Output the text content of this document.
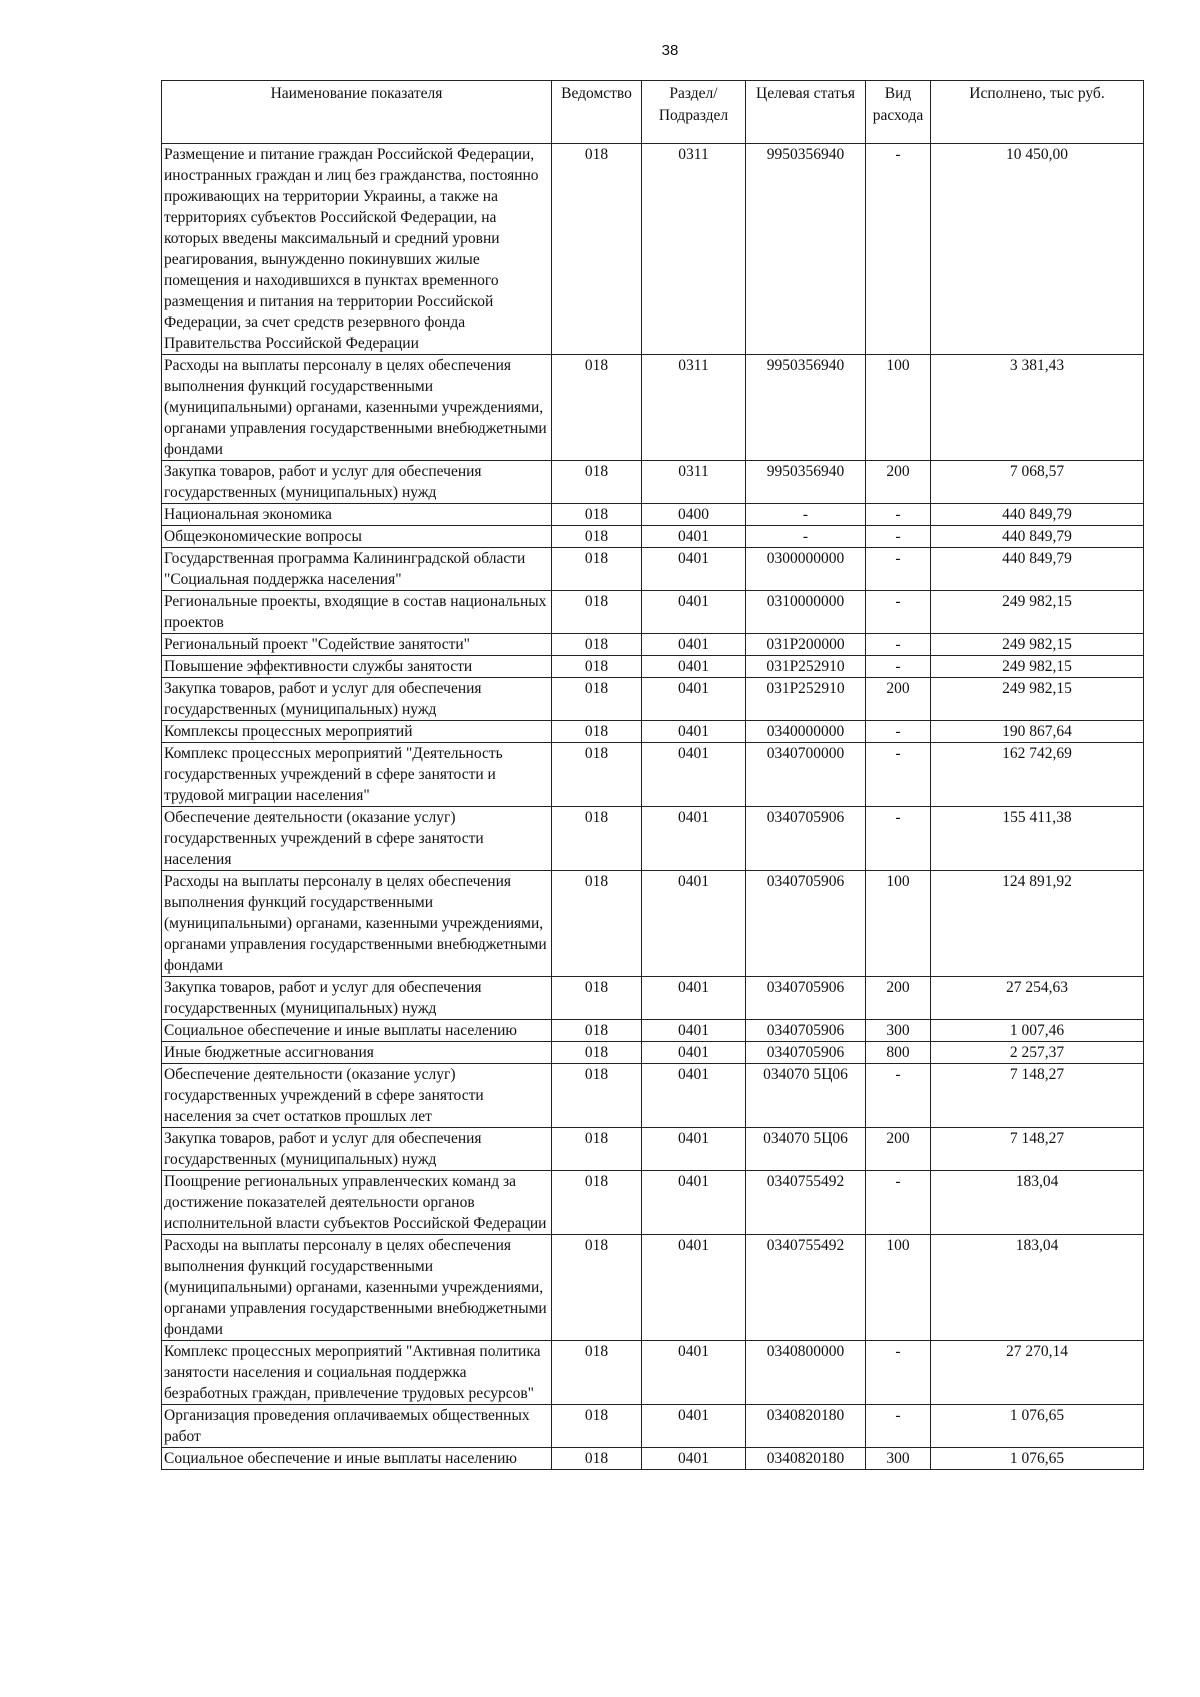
38
Наименование показателя	Ведомство	Раздел/ Подраздел	Целевая статья	Вид расхода	Исполнено, тыс руб.
Размещение и питание граждан Российской Федерации, иностранных граждан и лиц без гражданства, постоянно проживающих на территории Украины, а также на территориях субъектов Российской Федерации, на которых введены максимальный и средний уровни реагирования, вынужденно покинувших жилые помещения и находившихся в пунктах временного размещения и питания на территории Российской Федерации, за счет средств резервного фонда Правительства Российской Федерации	018	0311	9950356940	-	10 450,00
Расходы на выплаты персоналу в целях обеспечения выполнения функций государственными (муниципальными) органами, казенными учреждениями, органами управления государственными внебюджетными фондами	018	0311	9950356940	100	3 381,43
Закупка товаров, работ и услуг для обеспечения государственных (муниципальных) нужд	018	0311	9950356940	200	7 068,57
Национальная экономика	018	0400	-	-	440 849,79
Общеэкономические вопросы	018	0401	-	-	440 849,79
Государственная программа Калининградской области "Социальная поддержка населения"	018	0401	0300000000	-	440 849,79
Региональные проекты, входящие в состав национальных проектов	018	0401	0310000000	-	249 982,15
Региональный проект "Содействие занятости"	018	0401	031Р200000	-	249 982,15
Повышение эффективности службы занятости	018	0401	031Р252910	-	249 982,15
Закупка товаров, работ и услуг для обеспечения государственных (муниципальных) нужд	018	0401	031Р252910	200	249 982,15
Комплексы процессных мероприятий	018	0401	0340000000	-	190 867,64
Комплекс процессных мероприятий "Деятельность государственных учреждений в сфере занятости и трудовой миграции населения"	018	0401	0340700000	-	162 742,69
Обеспечение деятельности (оказание услуг) государственных учреждений в сфере занятости населения	018	0401	0340705906	-	155 411,38
Расходы на выплаты персоналу в целях обеспечения выполнения функций государственными (муниципальными) органами, казенными учреждениями, органами управления государственными внебюджетными фондами	018	0401	0340705906	100	124 891,92
Закупка товаров, работ и услуг для обеспечения государственных (муниципальных) нужд	018	0401	0340705906	200	27 254,63
Социальное обеспечение и иные выплаты населению	018	0401	0340705906	300	1 007,46
Иные бюджетные ассигнования	018	0401	0340705906	800	2 257,37
Обеспечение деятельности (оказание услуг) государственных учреждений в сфере занятости населения за счет остатков прошлых лет	018	0401	034070 5Ц06	-	7 148,27
Закупка товаров, работ и услуг для обеспечения государственных (муниципальных) нужд	018	0401	034070 5Ц06	200	7 148,27
Поощрение региональных управленческих команд за достижение показателей деятельности органов исполнительной власти субъектов Российской Федерации	018	0401	0340755492	-	183,04
Расходы на выплаты персоналу в целях обеспечения выполнения функций государственными (муниципальными) органами, казенными учреждениями, органами управления государственными внебюджетными фондами	018	0401	0340755492	100	183,04
Комплекс процессных мероприятий "Активная политика занятости населения и социальная поддержка безработных граждан, привлечение трудовых ресурсов"	018	0401	0340800000	-	27 270,14
Организация проведения оплачиваемых общественных работ	018	0401	0340820180	-	1 076,65
Социальное обеспечение и иные выплаты населению	018	0401	0340820180	300	1 076,65
